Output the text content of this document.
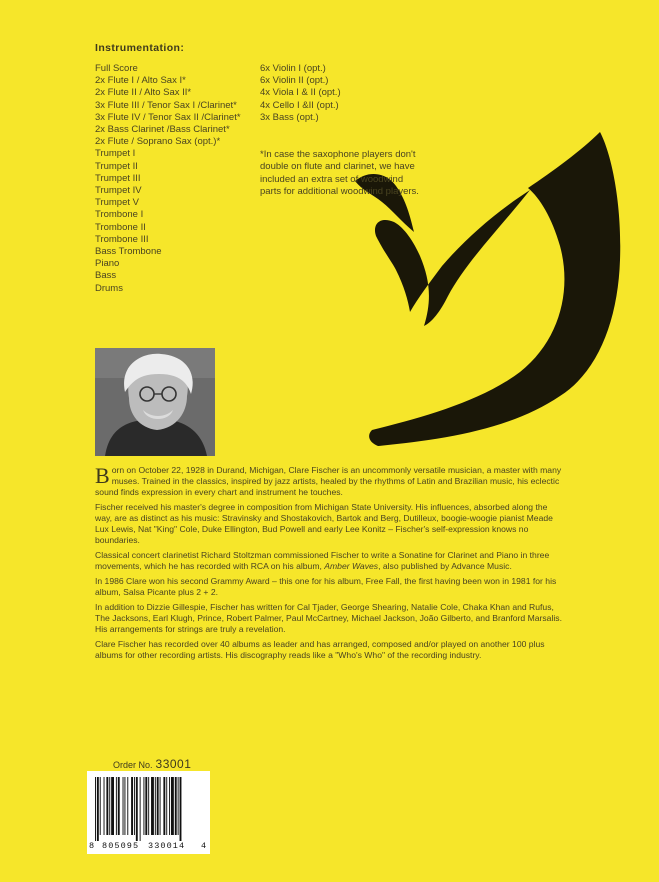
Instrumentation:
Full Score
2x Flute I / Alto Sax I*
2x Flute II / Alto Sax II*
3x Flute III / Tenor Sax I /Clarinet*
3x Flute IV / Tenor Sax II /Clarinet*
2x Bass Clarinet /Bass Clarinet*
2x Flute / Soprano Sax (opt.)*
Trumpet I
Trumpet II
Trumpet III
Trumpet IV
Trumpet V
Trombone I
Trombone II
Trombone III
Bass Trombone
Piano
Bass
Drums
6x Violin I (opt.)
6x Violin II (opt.)
4x Viola I & II (opt.)
4x Cello I &II (opt.)
3x Bass (opt.)
*In case the saxophone players don't double on flute and clarinet, we have included an extra set of woodwind parts for additional woodwind players.

Born on October 22, 1928 in Durand, Michigan, Clare Fischer is an uncommonly versatile musician, a master with many muses. Trained in the classics, inspired by jazz artists, healed by the rhythms of Latin and Brazilian music, his eclectic sound finds expression in every chart and instrument he touches.

Fischer received his master's degree in composition from Michigan State University. His influences, absorbed along the way, are as distinct as his music: Stravinsky and Shostakovich, Bartok and Berg, Dutilleux, boogie-woogie pianist Meade Lux Lewis, Nat "King" Cole, Duke Ellington, Bud Powell and early Lee Konitz – Fischer's self-expression knows no boundaries.

Classical concert clarinetist Richard Stoltzman commissioned Fischer to write a Sonatine for Clarinet and Piano in three movements, which he has recorded with RCA on his album, Amber Waves, also published by Advance Music.

In 1986 Clare won his second Grammy Award – this one for his album, Free Fall, the first having been won in 1981 for his album, Salsa Picante plus 2 + 2.

In addition to Dizzie Gillespie, Fischer has written for Cal Tjader, George Shearing, Natalie Cole, Chaka Khan and Rufus, The Jacksons, Earl Klugh, Prince, Robert Palmer, Paul McCartney, Michael Jackson, João Gilberto, and Branford Marsalis. His arrangements for strings are truly a revelation.

Clare Fischer has recorded over 40 albums as leader and has arranged, composed and/or played on another 100 plus albums for other recording artists. His discography reads like a "Who's Who" of the recording industry.

Order No. 33001
8 805095 330014 4
